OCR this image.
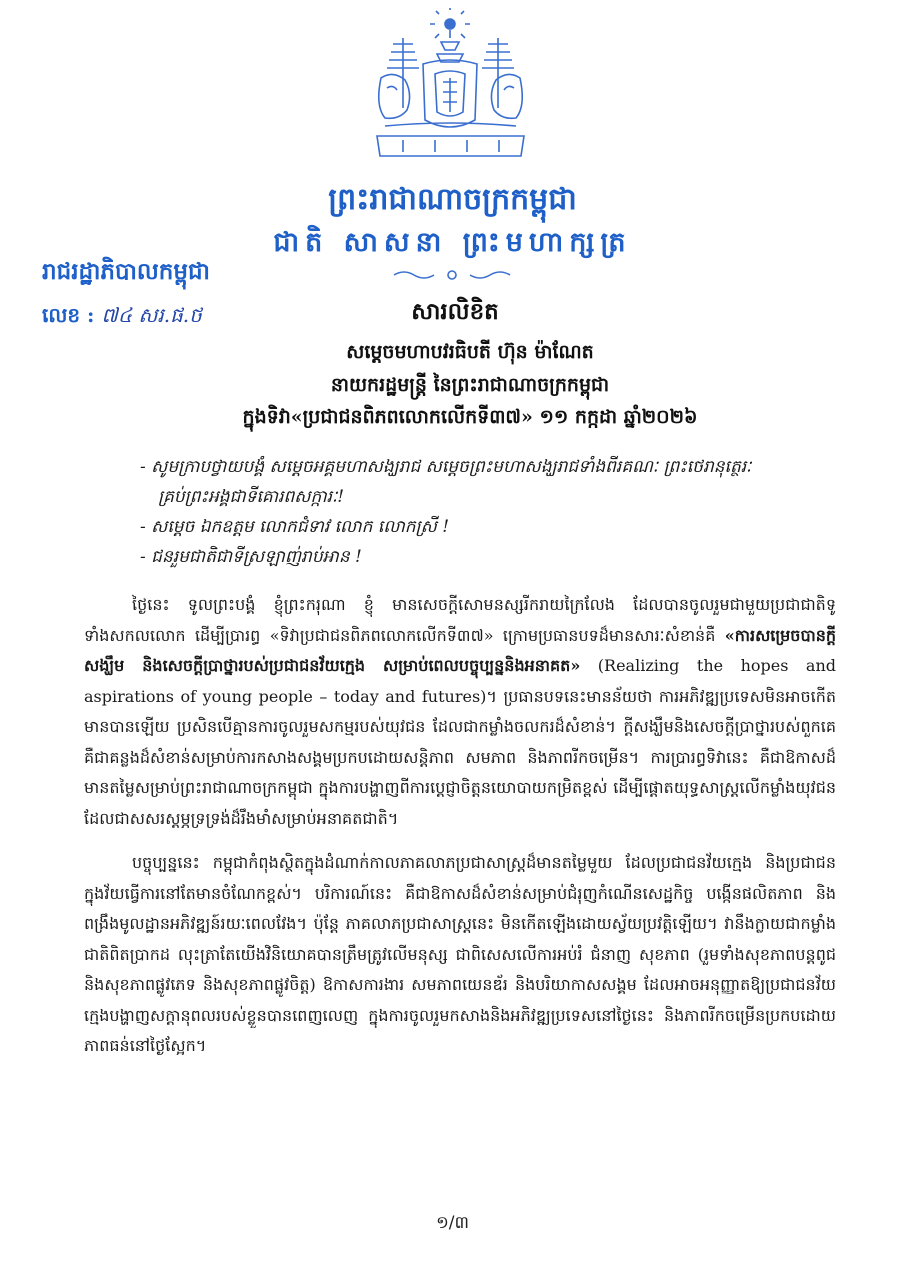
ព្រះរាជាណាចក្រកម្ពុជា
ជាតិ សាសនា ព្រះមហាក្សត្រ
រាជរដ្ឋាភិបាលកម្ពុជា
លេខ : ៧៤ សរ.ផ.ថ	សារលិខិត
សម្ដេចមហាបវរធិបតី ហ៊ុន ម៉ាណែត
នាយករដ្ឋមន្ត្រី នៃព្រះរាជាណាចក្រកម្ពុជា
ក្នុងទិវា«ប្រជាជនពិភពលោកលើកទី៣៧» ១១ កក្កដា ឆ្នាំ២០២៦
- សូមក្រាបថ្វាយបង្គំ សម្ដេចអគ្គមហាសង្ឃរាជ សម្ដេចព្រះមហាសង្ឃរាជទាំងពីរគណៈ ព្រះថេរានុត្ថេរៈ
គ្រប់ព្រះអង្គជាទីគោរពសក្ការៈ!
- សម្ដេច ឯកឧត្ដម លោកជំទាវ លោក លោកស្រី !
- ជនរួមជាតិជាទីស្រឡាញ់រាប់អាន !

ថ្ងៃនេះ ទូលព្រះបង្គំ ខ្ញុំព្រះករុណា ខ្ញុំ មានសេចក្ដីសោមនស្សរីករាយក្រៃលែង ដែលបានចូលរួមជាមួយប្រជាជាតិទូទាំងសកលលោក ដើម្បីប្រារព្ធ «ទិវាប្រជាជនពិភពលោកលើកទី៣៧» ក្រោមប្រធានបទដ៏មានសារៈសំខាន់គឺ «ការសម្រេចបានក្ដីសង្ឃឹម និងសេចក្ដីប្រាថ្នារបស់ប្រជាជនវ័យក្មេង សម្រាប់ពេលបច្ចុប្បន្ននិងអនាគត» (Realizing the hopes and aspirations of young people – today and futures)។ ប្រធានបទនេះមានន័យថា ការអភិវឌ្ឍប្រទេសមិនអាចកើតមានបានឡើយ ប្រសិនបើគ្មានការចូលរួមសកម្មរបស់យុវជន ដែលជាកម្លាំងចលករដ៏សំខាន់។ ក្ដីសង្ឃឹមនិងសេចក្ដីប្រាថ្នារបស់ពួកគេ គឺជាគន្លងដ៏សំខាន់សម្រាប់ការកសាងសង្គមប្រកបដោយសន្តិភាព សមភាព និងភាពរីកចម្រើន។ ការប្រារព្ធទិវានេះ គឺជាឱកាសដ៏មានតម្លៃសម្រាប់ព្រះរាជាណាចក្រកម្ពុជា ក្នុងការបង្ហាញពីការប្ដេជ្ញាចិត្តនយោបាយកម្រិតខ្ពស់ ដើម្បីផ្ដោតយុទ្ធសាស្ត្រលើកម្លាំងយុវជន ដែលជាសសរស្ដម្ភទ្រទ្រង់ដ៏រឹងមាំសម្រាប់អនាគតជាតិ។

បច្ចុប្បន្ននេះ កម្ពុជាកំពុងស្ថិតក្នុងដំណាក់កាលភាគលាភប្រជាសាស្ត្រដ៏មានតម្លៃមួយ ដែលប្រជាជនវ័យក្មេង និងប្រជាជនក្នុងវ័យធ្វើការនៅតែមានចំណែកខ្ពស់។ បរិការណ៍នេះ គឺជាឱកាសដ៏សំខាន់សម្រាប់ជំរុញកំណើនសេដ្ឋកិច្ច បង្កើនផលិតភាព និងពង្រឹងមូលដ្ឋានអភិវឌ្ឍន៍រយៈពេលវែង។ ប៉ុន្តែ ភាគលាភប្រជាសាស្ត្រនេះ មិនកើតឡើងដោយស្វ័យប្រវត្តិឡើយ។ វានឹងក្លាយជាកម្លាំងជាតិពិតប្រាកដ លុះត្រាតែយើងវិនិយោគបានត្រឹមត្រូវលើមនុស្ស ជាពិសេសលើការអប់រំ ជំនាញ សុខភាព (រួមទាំងសុខភាពបន្តពូជនិងសុខភាពផ្លូវភេទ និងសុខភាពផ្លូវចិត្ត) ឱកាសការងារ សមភាពយេនឌ័រ និងបរិយាកាសសង្គម ដែលអាចអនុញ្ញាតឱ្យប្រជាជនវ័យក្មេងបង្ហាញសក្ដានុពលរបស់ខ្លួនបានពេញលេញ ក្នុងការចូលរួមកសាងនិងអភិវឌ្ឍប្រទេសនៅថ្ងៃនេះ និងភាពរីកចម្រើនប្រកបដោយភាពធន់នៅថ្ងៃស្អែក។

១/៣
